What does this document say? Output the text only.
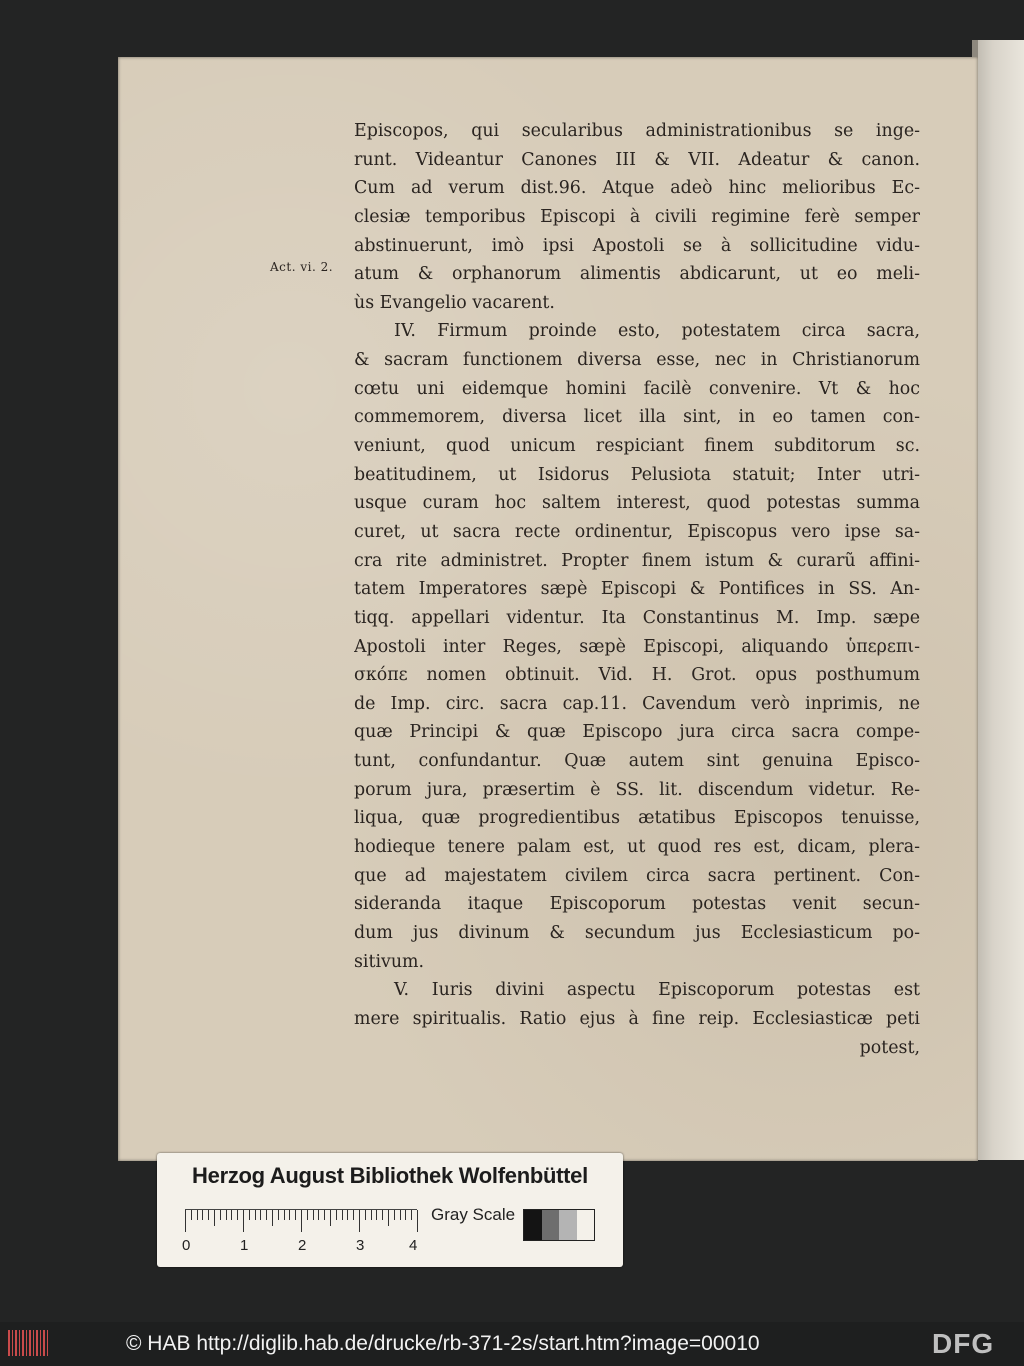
Act. vi. 2.
Episcopos, qui secularibus administrationibus se inge-
runt. Videantur Canones III & VII. Adeatur & canon.
Cum ad verum dist.96. Atque adeò hinc melioribus Ec-
clesiæ temporibus Episcopi à civili regimine ferè semper
abstinuerunt, imò ipsi Apostoli se à sollicitudine vidu-
atum & orphanorum alimentis abdicarunt, ut eo meli-
ùs Evangelio vacarent.
IV. Firmum proinde esto, potestatem circa sacra,
& sacram functionem diversa esse, nec in Christianorum
cœtu uni eidemque homini facilè convenire. Vt & hoc
commemorem, diversa licet illa sint, in eo tamen con-
veniunt, quod unicum respiciant finem subditorum sc.
beatitudinem, ut Isidorus Pelusiota statuit; Inter utri-
usque curam hoc saltem interest, quod potestas summa
curet, ut sacra recte ordinentur, Episcopus vero ipse sa-
cra rite administret. Propter finem istum & curarũ affini-
tatem Imperatores sæpè Episcopi & Pontifices in SS. An-
tiqq. appellari videntur. Ita Constantinus M. Imp. sæpe
Apostoli inter Reges, sæpè Episcopi, aliquando ὑπερεπι-
σκόπε nomen obtinuit. Vid. H. Grot. opus posthumum
de Imp. circ. sacra cap.11. Cavendum verò inprimis, ne
quæ Principi & quæ Episcopo jura circa sacra compe-
tunt, confundantur. Quæ autem sint genuina Episco-
porum jura, præsertim è SS. lit. discendum videtur. Re-
liqua, quæ progredientibus ætatibus Episcopos tenuisse,
hodieque tenere palam est, ut quod res est, dicam, plera-
que ad majestatem civilem circa sacra pertinent. Con-
sideranda itaque Episcoporum potestas venit secun-
dum jus divinum & secundum jus Ecclesiasticum po-
sitivum.
V. Iuris divini aspectu Episcoporum potestas est
mere spiritualis. Ratio ejus à fine reip. Ecclesiasticæ peti
potest,
Herzog August Bibliothek Wolfenbüttel
0	1	2	3	4
Gray Scale
© HAB http://diglib.hab.de/drucke/rb-371-2s/start.htm?image=00010	DFG
